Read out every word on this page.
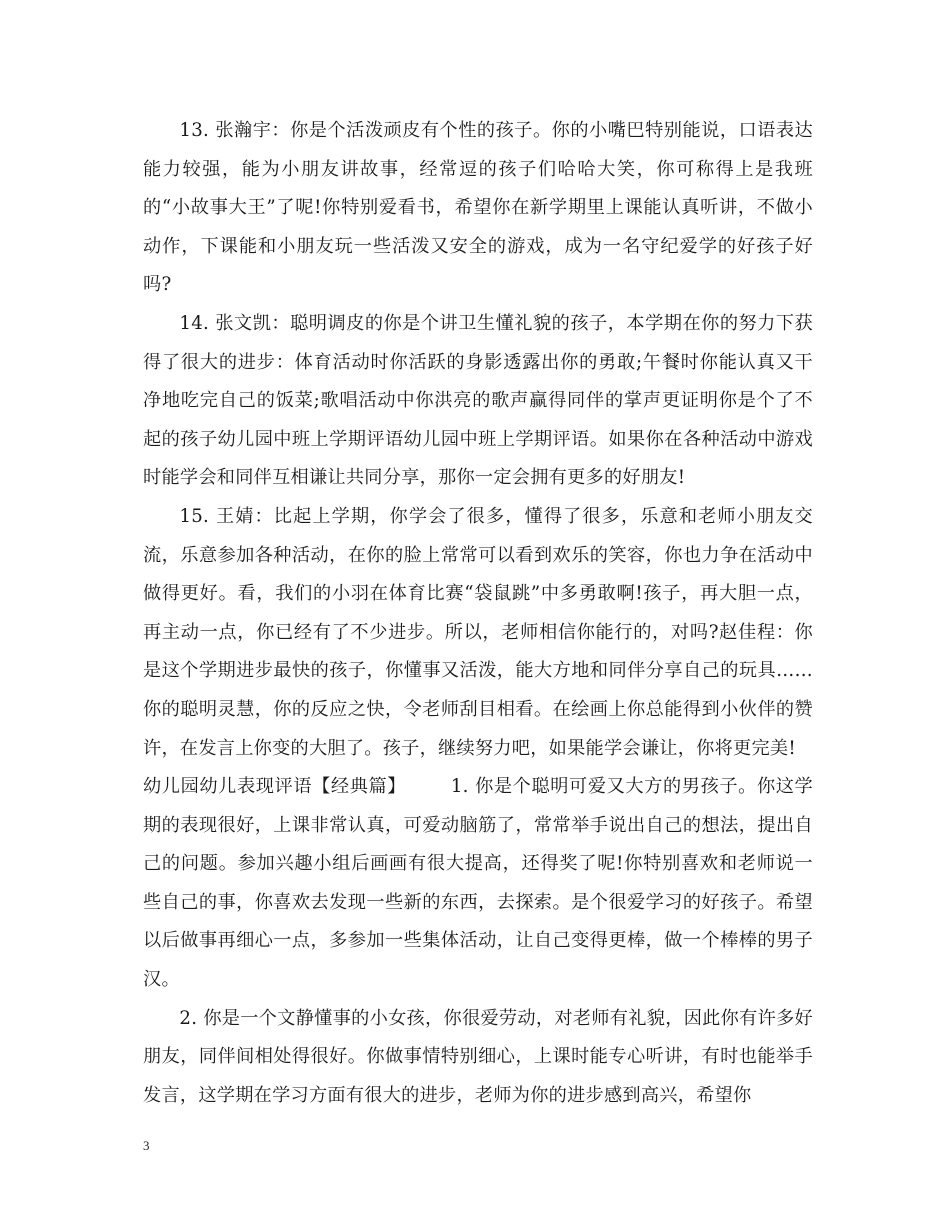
13. 张瀚宇：你是个活泼顽皮有个性的孩子。你的小嘴巴特别能说，口语表达能力较强，能为小朋友讲故事，经常逗的孩子们哈哈大笑，你可称得上是我班的“小故事大王”了呢!你特别爱看书，希望你在新学期里上课能认真听讲，不做小动作，下课能和小朋友玩一些活泼又安全的游戏，成为一名守纪爱学的好孩子好吗?

14. 张文凯：聪明调皮的你是个讲卫生懂礼貌的孩子，本学期在你的努力下获得了很大的进步：体育活动时你活跃的身影透露出你的勇敢;午餐时你能认真又干净地吃完自己的饭菜;歌唱活动中你洪亮的歌声赢得同伴的掌声更证明你是个了不起的孩子幼儿园中班上学期评语幼儿园中班上学期评语。如果你在各种活动中游戏时能学会和同伴互相谦让共同分享，那你一定会拥有更多的好朋友!

15. 王婧：比起上学期，你学会了很多，懂得了很多，乐意和老师小朋友交流，乐意参加各种活动，在你的脸上常常可以看到欢乐的笑容，你也力争在活动中做得更好。看，我们的小羽在体育比赛“袋鼠跳”中多勇敢啊!孩子，再大胆一点，再主动一点，你已经有了不少进步。所以，老师相信你能行的，对吗?赵佳程：你是这个学期进步最快的孩子，你懂事又活泼，能大方地和同伴分享自己的玩具……你的聪明灵慧，你的反应之快，令老师刮目相看。在绘画上你总能得到小伙伴的赞许，在发言上你变的大胆了。孩子，继续努力吧，如果能学会谦让，你将更完美!

幼儿园幼儿表现评语【经典篇】 1. 你是个聪明可爱又大方的男孩子。你这学期的表现很好，上课非常认真，可爱动脑筋了，常常举手说出自己的想法，提出自己的问题。参加兴趣小组后画画有很大提高，还得奖了呢!你特别喜欢和老师说一些自己的事，你喜欢去发现一些新的东西，去探索。是个很爱学习的好孩子。希望以后做事再细心一点，多参加一些集体活动，让自己变得更棒，做一个棒棒的男子汉。

2. 你是一个文静懂事的小女孩，你很爱劳动，对老师有礼貌，因此你有许多好朋友，同伴间相处得很好。你做事情特别细心，上课时能专心听讲，有时也能举手发言，这学期在学习方面有很大的进步，老师为你的进步感到高兴，希望你

3
